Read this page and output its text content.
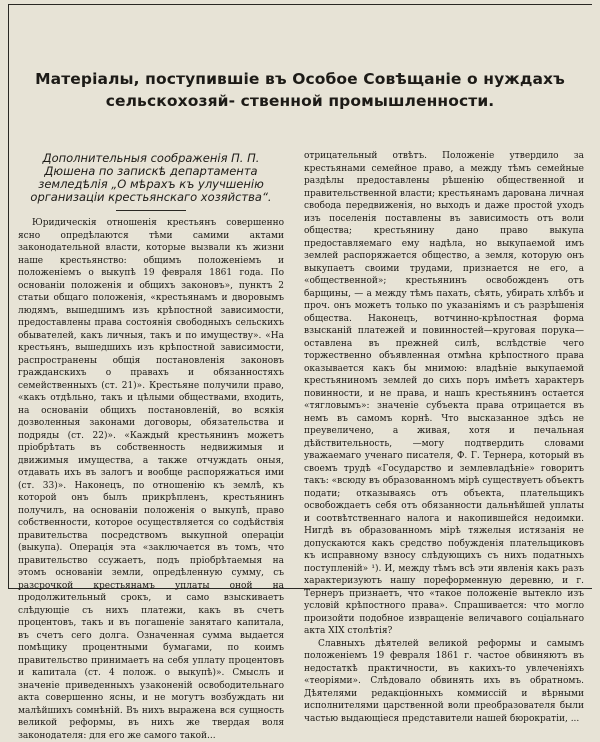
Матеріалы, поступившіе въ Особое Совѣщаніе о нуждахъ сельскохозяй- ственной промышленности.
Дополнительныя соображенія П. П. Дюшена по запискѣ департамента земледѣлія „О мѣрахъ къ улучшенію организаціи крестьянскаго хозяйства“.

Юридическія отношенія крестьянъ совершенно ясно опредѣлаются тѣми самими актами законодательной власти, которые вызвали къ жизни наше крестьянство: общимъ положеніемъ и положеніемъ о выкупѣ 19 февраля 1861 года. По основаніи положенія и общихъ законовъ», пунктъ 2 статьи общаго положенія, «крестьянамъ и дворовымъ людямъ, вышедшимъ изъ крѣпостной зависимости, предоставлены права состоянія свободныхъ сельскихъ обывателей, какъ личныя, такъ и по имуществу». «На крестьянъ, вышедшихъ изъ крѣпостной зависимости, распространены общія постановленія законовъ гражданскихъ о правахъ и обязанностяхъ семейственныхъ (ст. 21)». Крестьяне получили право, «какъ отдѣльно, такъ и цѣлыми обществами, входить, на основаніи общихъ постановленій, во всякія дозволенныя законами договоры, обязательства и подряды (ст. 22)». «Каждый крестьянинъ можетъ пріобрѣтать въ собственность недвижимыя и движимыя имущества, а также отчуждать оныя, отдавать ихъ въ залогъ и вообще распоряжаться ими (ст. 33)». Наконецъ, по отношенію къ землѣ, къ которой онъ былъ прикрѣпленъ, крестьянинъ получилъ, на основаніи положенія о выкупѣ, право собственности, которое осуществляется со содѣйствія правительства посредствомъ выкупной операціи (выкупа). Операція эта «заключается въ томъ, что правительство ссужаетъ, подъ пріобрѣтаемыя на этомъ основаніи земли, опредѣленную сумму, съ разсрочкой крестьянамъ уплаты оной на продолжительный срокъ, и само взыскиваетъ слѣдующіе съ нихъ платежи, какъ въ счетъ процентовъ, такъ и въ погашеніе занятаго капитала, въ счетъ сего долга. Означенная сумма выдается помѣщику процентными бумагами, по коимъ правительство принимаетъ на себя уплату процентовъ и капитала (ст. 4 полож. о выкупѣ)». Смыслъ и значеніе приведенныхъ узаконеній освободительнаго акта совершенно ясны, и не могутъ возбуждать ни малѣйшихъ сомнѣній. Въ нихъ выражена вся сущность великой реформы, въ нихъ же твердая воля законодателя: для его же самого такой...

отрицательный отвѣтъ. Положеніе утвердило за крестьянами семейное право, а между тѣмъ семейные раздѣлы предоставлены рѣшенію общественной и правительственной власти; крестьянамъ дарована личная свобода передвиженія, но выходъ и даже простой уходъ изъ поселенія поставлены въ зависимость отъ воли общества; крестьянину дано право выкупа предоставляемаго ему надѣла, но выкупаемой имъ землей распоряжается общество, а земля, которую онъ выкупаетъ своими трудами, признается не его, а «общественной»; крестьянинъ освобожденъ отъ барщины, — а между тѣмъ пахать, сѣять, убирать хлѣбъ и проч. онъ можетъ только по указаніямъ и съ разрѣшенія общества. Наконецъ, вотчинно-крѣпостная форма взысканій платежей и повинностей—круговая порука—оставлена въ прежней силѣ, вслѣдствіе чего торжественно объявленная отмѣна крѣпостного права оказывается какъ бы мнимою: владѣніе выкупаемой крестьяниномъ землей до сихъ поръ имѣетъ характеръ повинности, и не права, и нашъ крестьянинъ остается «тягловымъ»: значеніе субъекта права отрицается въ немъ въ самомъ корнѣ. Что высказанное здѣсь не преувеличено, а живая, хотя и печальная дѣйствительность, —могу подтвердить словами уважаемаго ученаго писателя, Ф. Г. Тернера, который въ своемъ трудѣ «Государство и землевладѣніе» говоритъ такъ: «всюду въ образованномъ мірѣ существуетъ объектъ подати; отказываясь отъ объекта, плательщикъ освобождаетъ себя отъ обязанности дальнѣйшей уплаты и соотвѣтственнаго налога и накопившейся недоимки. Нигдѣ въ образованномъ мірѣ тяжелыя истязанія не допускаются какъ средство побужденія плательщиковъ къ исправному взносу слѣдующихъ съ нихъ податныхъ поступленій» ¹). И, между тѣмъ всѣ эти явленія какъ разъ характеризуютъ нашу пореформенную деревню, и г. Тернеръ признаетъ, что «такое положеніе вытекло изъ условій крѣпостного права». Спрашивается: что могло произойти подобное извращеніе величавого соціальнаго акта XIX столѣтія?

Славныхъ дѣятелей великой реформы и самымъ положеніемъ 19 февраля 1861 г. частое обвиняютъ въ недостаткѣ практичности, въ какихъ-то увлеченіяхъ «теоріями». Слѣдовало обвинять ихъ въ обратномъ. Дѣятелями редакціонныхъ коммиссій и вѣрными исполнителями царственной воли преобразователя были частью выдающіеся представители нашей бюрократіи, ...
